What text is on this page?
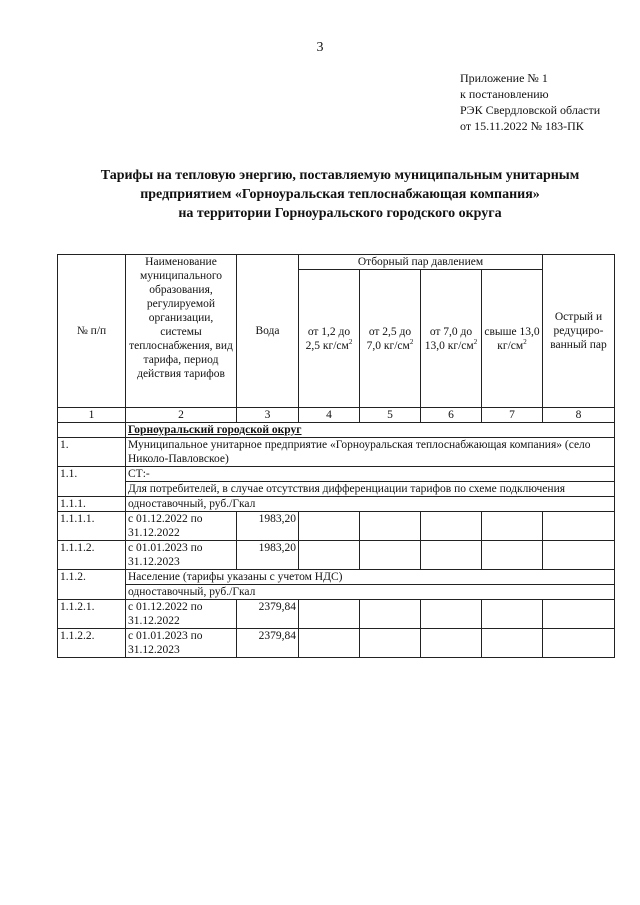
3
Приложение № 1
к постановлению
РЭК Свердловской области
от 15.11.2022 № 183-ПК
Тарифы на тепловую энергию, поставляемую муниципальным унитарным
предприятием «Горноуральская теплоснабжающая компания»
на территории Горноуральского городского округа
№ п/п	Наименование муниципального образования, регулируемой организации, системы теплоснабжения, вид тарифа, период действия тарифов	Вода	Отборный пар давлением				Острый и редуциро-ванный пар
			от 1,2 до 2,5 $кг/см^2$	от 2,5 до 7,0 $кг/см^2$	от 7,0 до 13,0 $кг/см^2$	свыше 13,0 $кг/см^2$
1	2	3	4	5	6	7	8
	Горноуральский городской округ						
1.	Муниципальное унитарное предприятие «Горноуральская теплоснабжающая компания» (село Николо-Павловское)						
1.1.	СТ:-						
	Для потребителей, в случае отсутствия дифференциации тарифов по схеме подключения						
1.1.1.	одноставочный, руб./Гкал						
1.1.1.1.	с 01.12.2022 по 31.12.2022	1983,20					
1.1.1.2.	с 01.01.2023 по 31.12.2023	1983,20					
1.1.2.	Население (тарифы указаны с учетом НДС)						
	одноставочный, руб./Гкал						
1.1.2.1.	с 01.12.2022 по 31.12.2022	2379,84					
1.1.2.2.	с 01.01.2023 по 31.12.2023	2379,84					
